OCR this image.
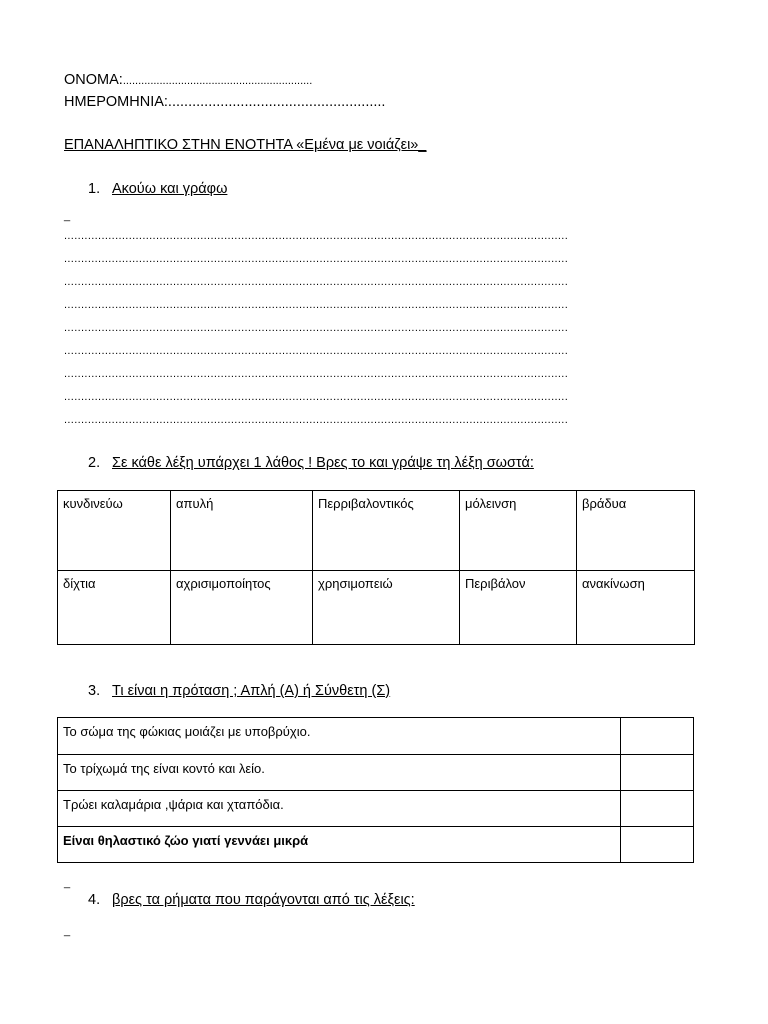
ΟΝΟΜΑ:..............................................................
ΗΜΕΡΟΜΗΝΙΑ:......................................................
ΕΠΑΝΑΛΗΠΤΙΚΟ ΣΤΗΝ ΕΝΟΤΗΤΑ «Εμένα με νοιάζει»_
1. Ακούω και γράφω
_
....................................................................................................................................................
....................................................................................................................................................
....................................................................................................................................................
....................................................................................................................................................
....................................................................................................................................................
....................................................................................................................................................
....................................................................................................................................................
....................................................................................................................................................
....................................................................................................................................................
2. Σε κάθε λέξη υπάρχει 1 λάθος ! Βρες το και γράψε τη λέξη σωστά:
κυνδινεύω	απυλή	Περριβαλοντικός	μόλεινση	βράδυα
δίχτια	αχρισιμοποίητος	χρησιμοπειώ	Περιβάλον	ανακίνωση
3. Τι είναι η πρόταση ; Απλή (Α) ή Σύνθετη (Σ)
Το σώμα της φώκιας μοιάζει με υποβρύχιο.	
Το τρίχωμά της είναι κοντό και λείο.	
Τρώει καλαμάρια ,ψάρια και χταπόδια.	
Είναι θηλαστικό ζώο γιατί γεννάει μικρά	
_
4. βρες τα ρήματα που παράγονται από τις λέξεις:
_
